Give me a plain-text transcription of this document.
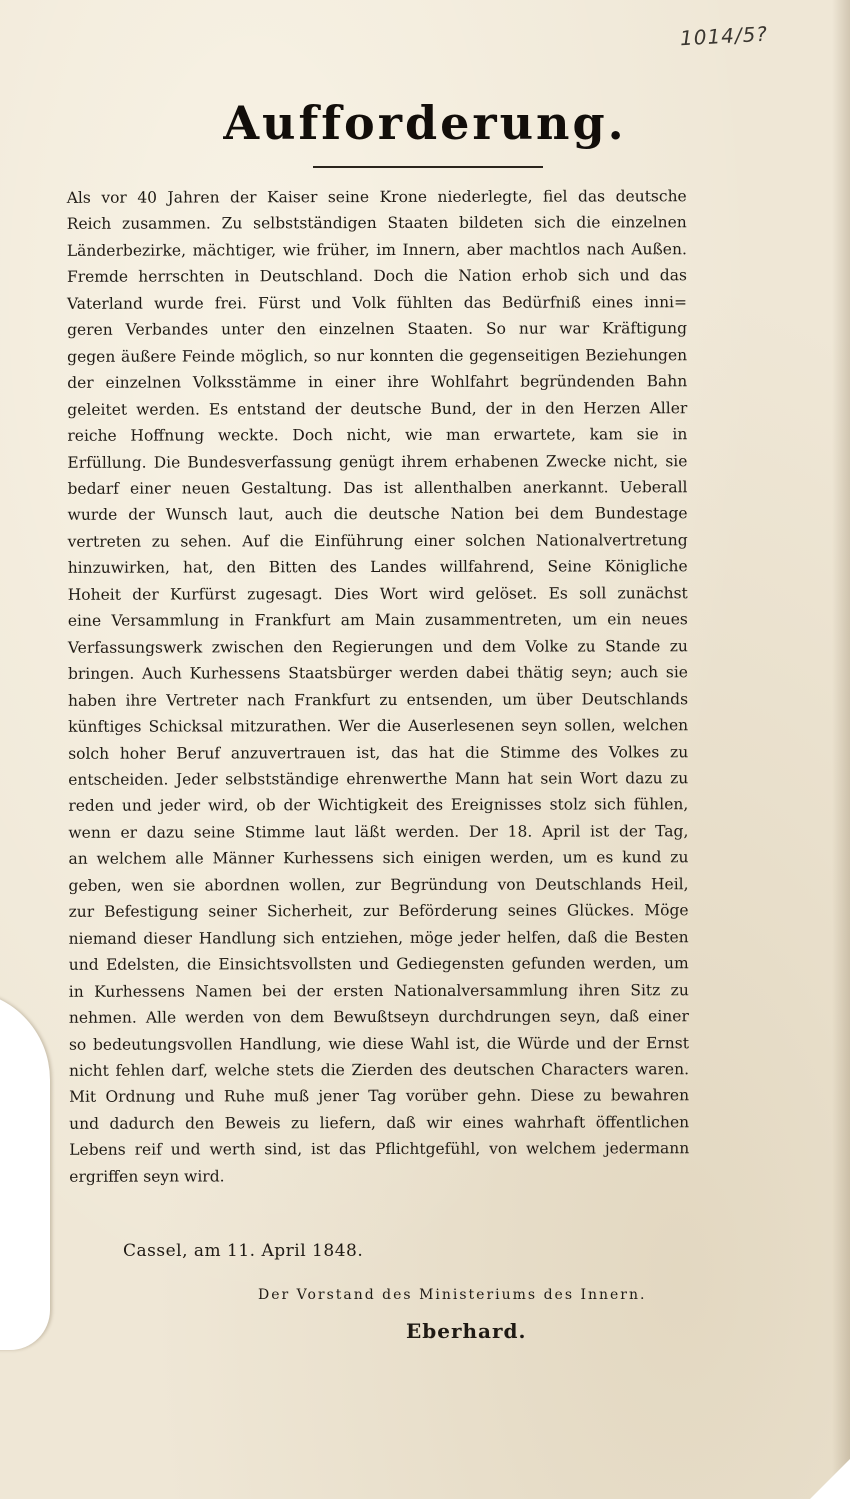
1014/5?
Aufforderung.
Als vor 40 Jahren der Kaiser seine Krone niederlegte, fiel das deutsche
Reich zusammen. Zu selbstständigen Staaten bildeten sich die einzelnen
Länderbezirke, mächtiger, wie früher, im Innern, aber machtlos nach Außen.
Fremde herrschten in Deutschland. Doch die Nation erhob sich und das
Vaterland wurde frei. Fürst und Volk fühlten das Bedürfniß eines inni=
geren Verbandes unter den einzelnen Staaten. So nur war Kräftigung
gegen äußere Feinde möglich, so nur konnten die gegenseitigen Beziehungen
der einzelnen Volksstämme in einer ihre Wohlfahrt begründenden Bahn
geleitet werden. Es entstand der deutsche Bund, der in den Herzen Aller
reiche Hoffnung weckte. Doch nicht, wie man erwartete, kam sie in
Erfüllung. Die Bundesverfassung genügt ihrem erhabenen Zwecke nicht, sie
bedarf einer neuen Gestaltung. Das ist allenthalben anerkannt. Ueberall
wurde der Wunsch laut, auch die deutsche Nation bei dem Bundestage
vertreten zu sehen. Auf die Einführung einer solchen Nationalvertretung
hinzuwirken, hat, den Bitten des Landes willfahrend, Seine Königliche
Hoheit der Kurfürst zugesagt. Dies Wort wird gelöset. Es soll zunächst
eine Versammlung in Frankfurt am Main zusammentreten, um ein neues
Verfassungswerk zwischen den Regierungen und dem Volke zu Stande zu
bringen. Auch Kurhessens Staatsbürger werden dabei thätig seyn; auch sie
haben ihre Vertreter nach Frankfurt zu entsenden, um über Deutschlands
künftiges Schicksal mitzurathen. Wer die Auserlesenen seyn sollen, welchen
solch hoher Beruf anzuvertrauen ist, das hat die Stimme des Volkes zu
entscheiden. Jeder selbstständige ehrenwerthe Mann hat sein Wort dazu zu
reden und jeder wird, ob der Wichtigkeit des Ereignisses stolz sich fühlen,
wenn er dazu seine Stimme laut läßt werden. Der 18. April ist der Tag,
an welchem alle Männer Kurhessens sich einigen werden, um es kund zu
geben, wen sie abordnen wollen, zur Begründung von Deutschlands Heil,
zur Befestigung seiner Sicherheit, zur Beförderung seines Glückes. Möge
niemand dieser Handlung sich entziehen, möge jeder helfen, daß die Besten
und Edelsten, die Einsichtsvollsten und Gediegensten gefunden werden, um
in Kurhessens Namen bei der ersten Nationalversammlung ihren Sitz zu
nehmen. Alle werden von dem Bewußtseyn durchdrungen seyn, daß einer
so bedeutungsvollen Handlung, wie diese Wahl ist, die Würde und der Ernst
nicht fehlen darf, welche stets die Zierden des deutschen Characters waren.
Mit Ordnung und Ruhe muß jener Tag vorüber gehn. Diese zu bewahren
und dadurch den Beweis zu liefern, daß wir eines wahrhaft öffentlichen
Lebens reif und werth sind, ist das Pflichtgefühl, von welchem jedermann
ergriffen seyn wird.
Cassel, am 11. April 1848.
Der Vorstand des Ministeriums des Innern.
Eberhard.
